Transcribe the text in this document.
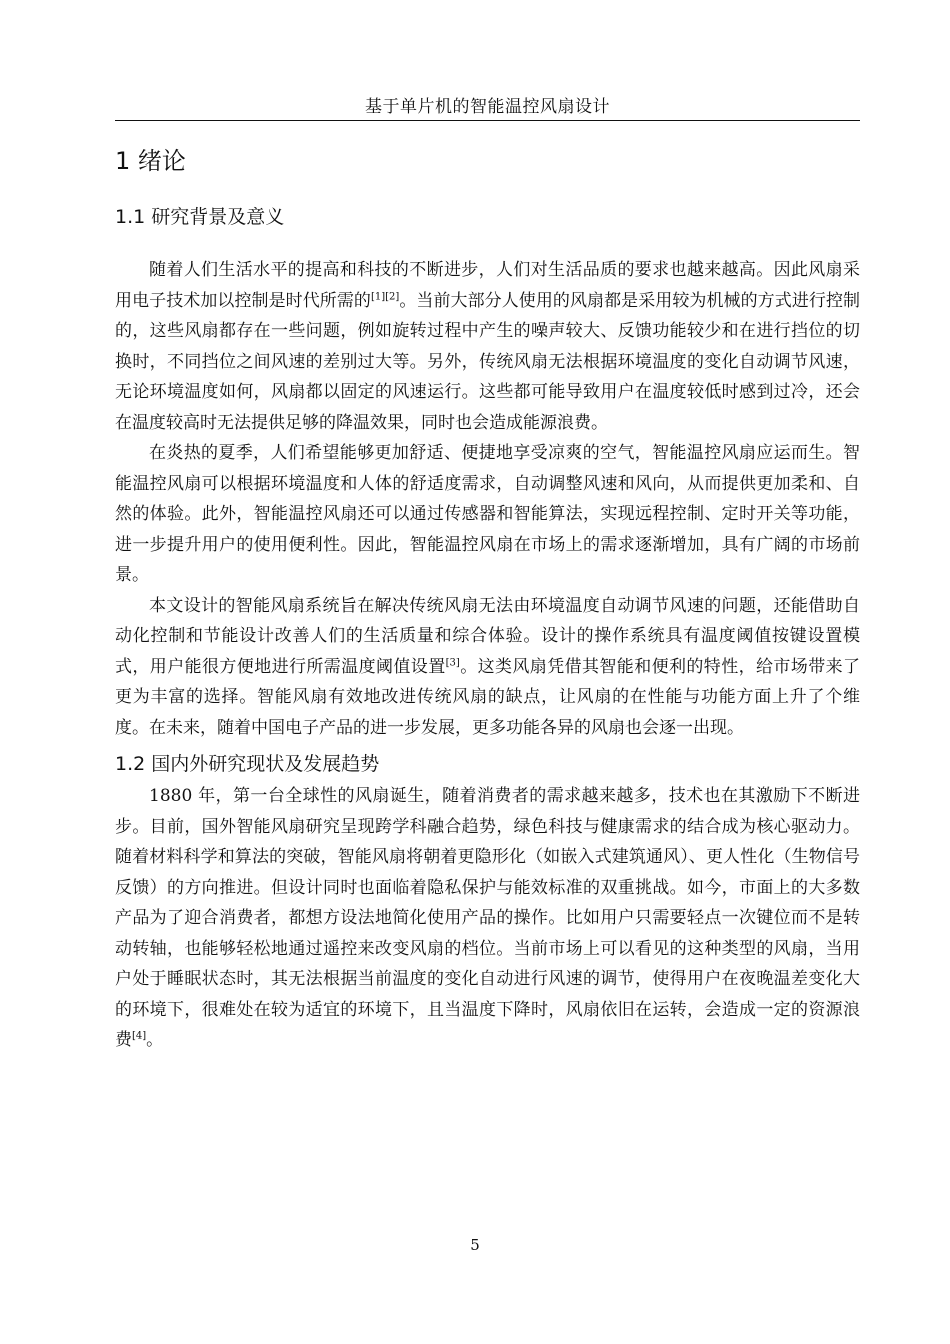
基于单片机的智能温控风扇设计
1 绪论
1.1 研究背景及意义

随着人们生活水平的提高和科技的不断进步，人们对生活品质的要求也越来越高。因此风扇采用电子技术加以控制是时代所需的[1][2]。当前大部分人使用的风扇都是采用较为机械的方式进行控制的，这些风扇都存在一些问题，例如旋转过程中产生的噪声较大、反馈功能较少和在进行挡位的切换时，不同挡位之间风速的差别过大等。另外，传统风扇无法根据环境温度的变化自动调节风速，无论环境温度如何，风扇都以固定的风速运行。这些都可能导致用户在温度较低时感到过冷，还会在温度较高时无法提供足够的降温效果，同时也会造成能源浪费。

在炎热的夏季，人们希望能够更加舒适、便捷地享受凉爽的空气，智能温控风扇应运而生。智能温控风扇可以根据环境温度和人体的舒适度需求，自动调整风速和风向，从而提供更加柔和、自然的体验。此外，智能温控风扇还可以通过传感器和智能算法，实现远程控制、定时开关等功能，进一步提升用户的使用便利性。因此，智能温控风扇在市场上的需求逐渐增加，具有广阔的市场前景。

本文设计的智能风扇系统旨在解决传统风扇无法由环境温度自动调节风速的问题，还能借助自动化控制和节能设计改善人们的生活质量和综合体验。设计的操作系统具有温度阈值按键设置模式，用户能很方便地进行所需温度阈值设置[3]。这类风扇凭借其智能和便利的特性，给市场带来了更为丰富的选择。智能风扇有效地改进传统风扇的缺点，让风扇的在性能与功能方面上升了个维度。在未来，随着中国电子产品的进一步发展，更多功能各异的风扇也会逐一出现。

1.2 国内外研究现状及发展趋势

1880 年，第一台全球性的风扇诞生，随着消费者的需求越来越多，技术也在其激励下不断进步。目前，国外智能风扇研究呈现跨学科融合趋势，绿色科技与健康需求的结合成为核心驱动力。随着材料科学和算法的突破，智能风扇将朝着更隐形化（如嵌入式建筑通风）、更人性化（生物信号反馈）的方向推进。但设计同时也面临着隐私保护与能效标准的双重挑战。如今，市面上的大多数产品为了迎合消费者，都想方设法地简化使用产品的操作。比如用户只需要轻点一次键位而不是转动转轴，也能够轻松地通过遥控来改变风扇的档位。当前市场上可以看见的这种类型的风扇，当用户处于睡眠状态时，其无法根据当前温度的变化自动进行风速的调节，使得用户在夜晚温差变化大的环境下，很难处在较为适宜的环境下，且当温度下降时，风扇依旧在运转，会造成一定的资源浪费[4]。

5
